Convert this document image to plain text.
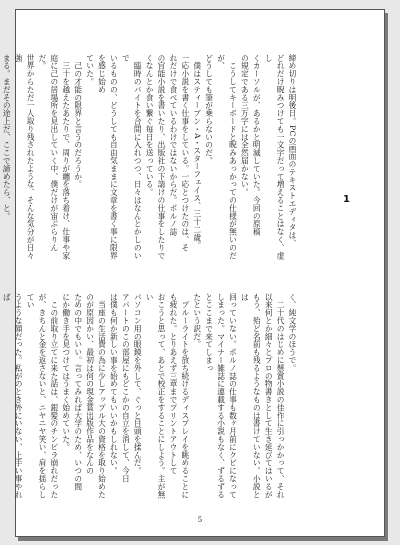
締め切りは明後日。PCの画面のテキストエディタは、
どれだけ睨みつけても一文字だって増えることはなく、虚し
くカーソルが、あるかと明滅していた。今回の原稿
の規定である三万字には全然届かない。
　こうしてキーボードと睨みあっかっての仕様が無いのだが、
どうしても筆が乗らないのだ。
　僕はスティーブン・A・スターフェイス、三十二歳。
一応小説を書く仕事をしている。一応とつけたのは、そ
れだけで食べているわけではないからだ。ポルノ誌
の官能小説を書いたり、出版社の下請けの仕事をしたりで
くなんとか食い繋ぐ毎日を送っている。
　臨時のバイトを合間に入れつつ、日々はなんとかしのいで
いるものの、どうしても自由気ままに文章を書く事に限界を感じ始め
ていた。
　己の才能の限界と言うのだろうか。
　三十を越えたあたりで、周りが纏を落ち着け、仕事や家
庭に己の居場所を見出していく中、僕だけが宙ぶらりんだ。
世界からただ一人取り残されたような、そんな気分が日々強
まる。まだその途上だ、ここで諦めたら、と。
　	1
く、純文学のほうで。
　二十代のはじめに懸賞小説の佳作に引っかかって、それ
以来何とか細々とプロの物書きとして生き延びてはいるが
もう、殆ど名前も残るようなものは書けていない。小説とは
回っていない。ポルノ誌の仕事も数ヶ月前にクビになって
しまった。マイナー雑誌に連載する小説もなく、ずるずるとここまで来てしまっ
たという訳だ。
　ブルーライトを放ち続けるディスプレイを眺めることに
も疲れた。とりあえず三章までプリントアウトして
おこうと思って、あとで校正をすることにしよう。主が無い
パソコン用の眼鏡を外して、ぐっと目頭を揉んだ。
アパートのこの部屋にもどこかの自立を消して、今日
は僕も何か新しい事を始めてもいいかもしれない。
　当座の生活費の為に少しアップル大の資格を取り始めた
のが原因かい、最初は何の現金賞出版作品をなんの
ための中でもいい。言ってみれば大学のため、いつの間
にか働き手を見つけてはうまく始めていた。
　この前取り立てに来た話は、銀髪のチンピラ崩れだった
が、きちんと金を返さないと、ニヤニヤ笑い、肩を揺らしてい
うような顔だった。私がのとき外にいない、上手い事やれば

5
